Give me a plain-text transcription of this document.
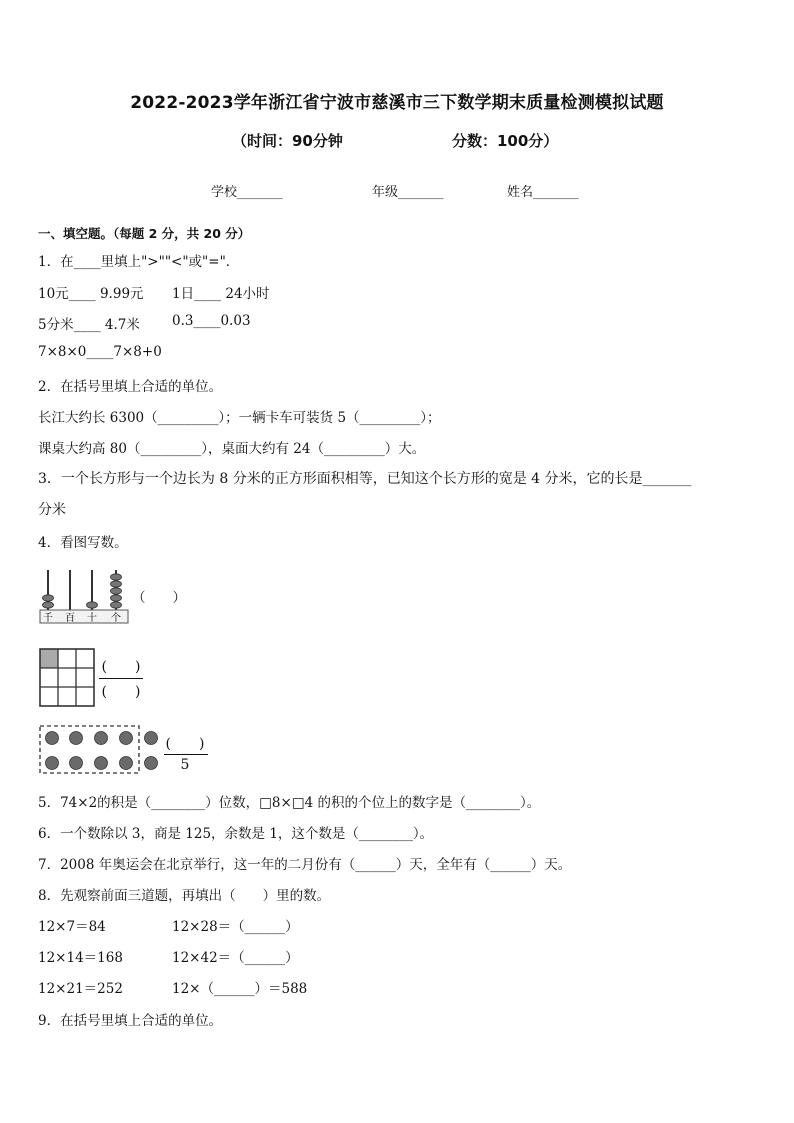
2022-2023学年浙江省宁波市慈溪市三下数学期末质量检测模拟试题
（时间：90分钟	分数：100分）
学校_______	年级_______	姓名_______
一、填空题。（每题 2 分，共 20 分）
1．在____里填上">""<"或"="．
10元____ 9.99元 1日____ 24小时
5分米____ 4.7米 0.3____0.03
7×8×0____7×8+0
2．在括号里填上合适的单位。
长江大约长 6300（_________）；一辆卡车可装货 5（_________）；
课桌大约高 80（_________），桌面大约有 24（_________）大。
3．一个长方形与一个边长为 8 分米的正方形面积相等，已知这个长方形的宽是 4 分米，它的长是_______
分米
4．看图写数。
千 百 十 个
（　　）
(　　)
(　　)
(　　)
5
5．74×2的积是（________）位数，□8×□4 的积的个位上的数字是（________）。
6．一个数除以 3，商是 125，余数是 1，这个数是（________）。
7．2008 年奥运会在北京举行，这一年的二月份有（______）天，全年有（______）天。
8．先观察前面三道题，再填出（　　）里的数。
12×7＝84	12×28＝（______）
12×14＝168	12×42＝（______）
12×21＝252	12×（______）＝588
9．在括号里填上合适的单位。
